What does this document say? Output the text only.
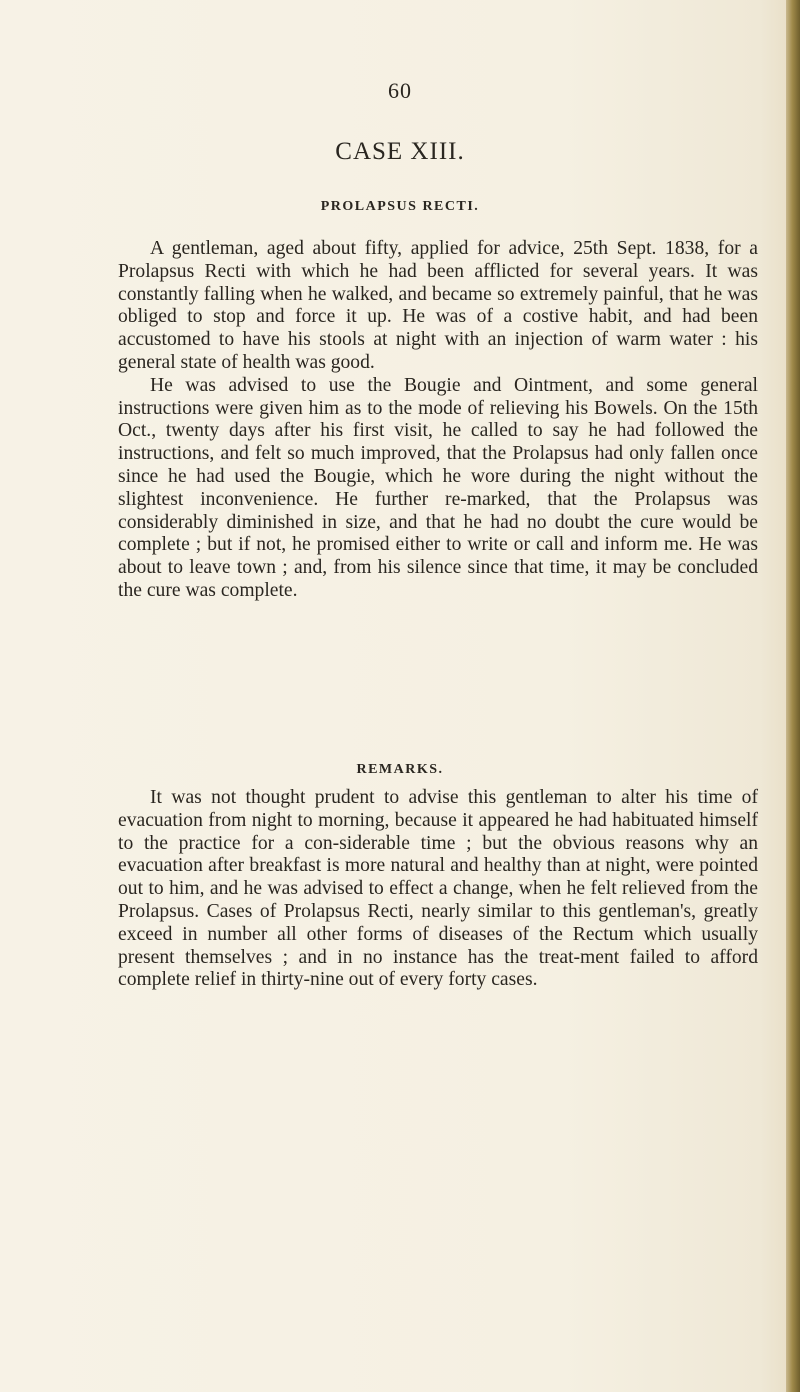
60
CASE XIII.
PROLAPSUS RECTI.

A gentleman, aged about fifty, applied for advice, 25th Sept. 1838, for a Prolapsus Recti with which he had been afflicted for several years. It was constantly falling when he walked, and became so extremely painful, that he was obliged to stop and force it up. He was of a costive habit, and had been accustomed to have his stools at night with an injection of warm water : his general state of health was good.

He was advised to use the Bougie and Ointment, and some general instructions were given him as to the mode of relieving his Bowels. On the 15th Oct., twenty days after his first visit, he called to say he had followed the instructions, and felt so much improved, that the Prolapsus had only fallen once since he had used the Bougie, which he wore during the night without the slightest inconvenience. He further re-marked, that the Prolapsus was considerably diminished in size, and that he had no doubt the cure would be complete ; but if not, he promised either to write or call and inform me. He was about to leave town ; and, from his silence since that time, it may be concluded the cure was complete.

REMARKS.

It was not thought prudent to advise this gentleman to alter his time of evacuation from night to morning, because it appeared he had habituated himself to the practice for a con-siderable time ; but the obvious reasons why an evacuation after breakfast is more natural and healthy than at night, were pointed out to him, and he was advised to effect a change, when he felt relieved from the Prolapsus. Cases of Prolapsus Recti, nearly similar to this gentleman's, greatly exceed in number all other forms of diseases of the Rectum which usually present themselves ; and in no instance has the treat-ment failed to afford complete relief in thirty-nine out of every forty cases.
